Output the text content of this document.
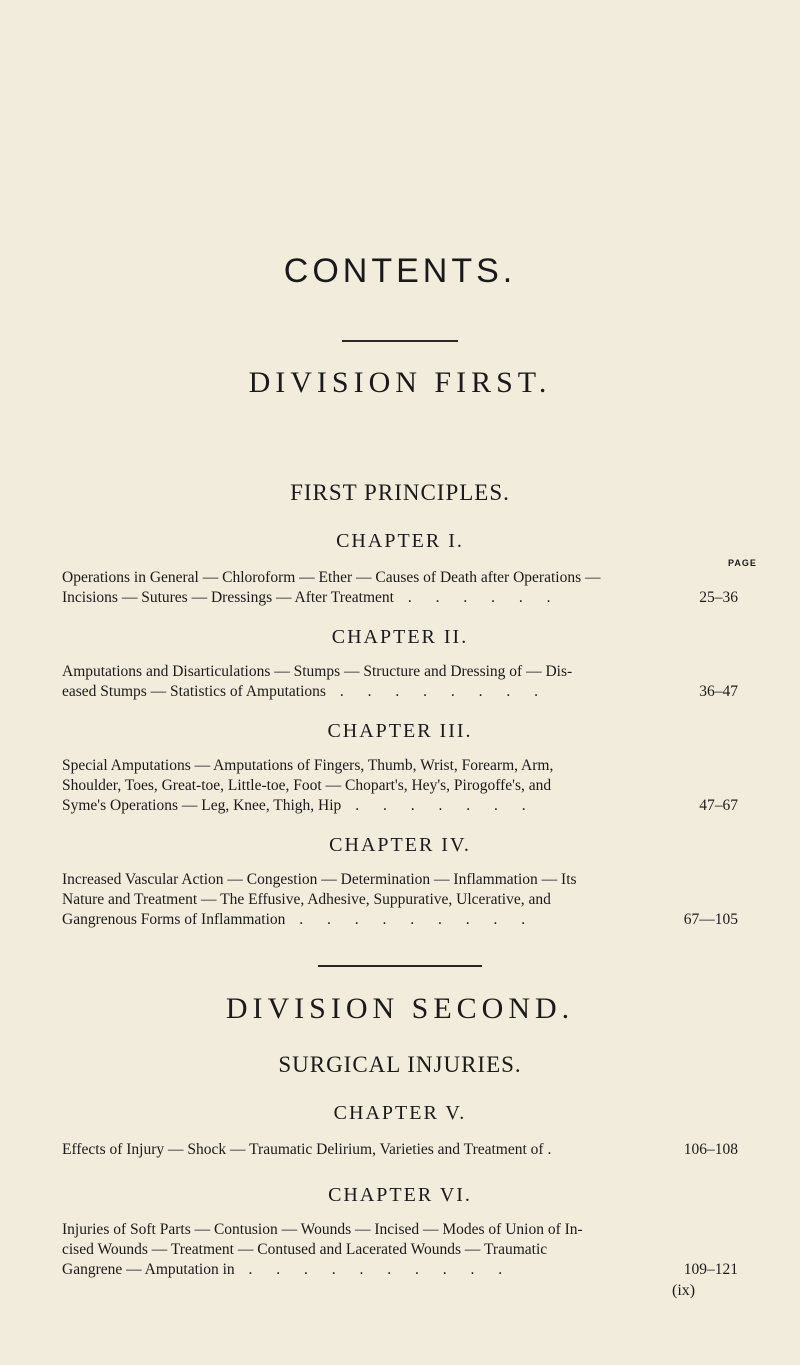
CONTENTS.
DIVISION FIRST.
FIRST PRINCIPLES.
CHAPTER I.
PAGE
Operations in General — Chloroform — Ether — Causes of Death after Operations —
Incisions — Sutures — Dressings — After Treatment . . . . . .	25–36
CHAPTER II.
Amputations and Disarticulations — Stumps — Structure and Dressing of — Dis-
eased Stumps — Statistics of Amputations . . . . . . . .	36–47
CHAPTER III.
Special Amputations — Amputations of Fingers, Thumb, Wrist, Forearm, Arm,
Shoulder, Toes, Great-toe, Little-toe, Foot — Chopart's, Hey's, Pirogoffe's, and
Syme's Operations — Leg, Knee, Thigh, Hip . . . . . . .	47–67
CHAPTER IV.
Increased Vascular Action — Congestion — Determination — Inflammation — Its
Nature and Treatment — The Effusive, Adhesive, Suppurative, Ulcerative, and
Gangrenous Forms of Inflammation . . . . . . . . .	67—105
DIVISION SECOND.
SURGICAL INJURIES.
CHAPTER V.
Effects of Injury — Shock — Traumatic Delirium, Varieties and Treatment of .	106–108
CHAPTER VI.
Injuries of Soft Parts — Contusion — Wounds — Incised — Modes of Union of In-
cised Wounds — Treatment — Contused and Lacerated Wounds — Traumatic
Gangrene — Amputation in . . . . . . . . . .	109–121
(ix)
